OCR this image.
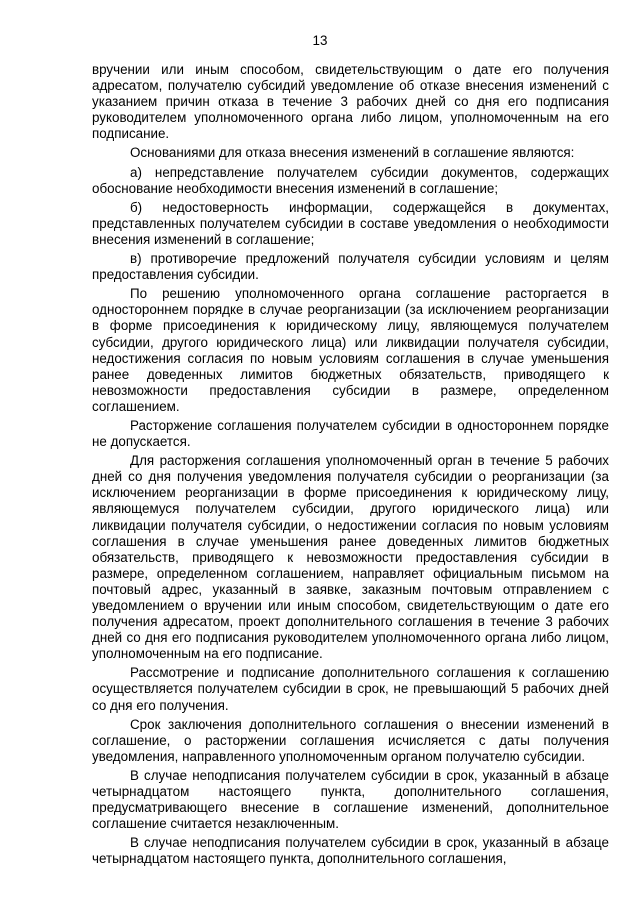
13

вручении или иным способом, свидетельствующим о дате его получения адресатом, получателю субсидий уведомление об отказе внесения изменений с указанием причин отказа в течение 3 рабочих дней со дня его подписания руководителем уполномоченного органа либо лицом, уполномоченным на его подписание.

Основаниями для отказа внесения изменений в соглашение являются:

а) непредставление получателем субсидии документов, содержащих обоснование необходимости внесения изменений в соглашение;

б) недостоверность информации, содержащейся в документах, представленных получателем субсидии в составе уведомления о необходимости внесения изменений в соглашение;

в) противоречие предложений получателя субсидии условиям и целям предоставления субсидии.

По решению уполномоченного органа соглашение расторгается в одностороннем порядке в случае реорганизации (за исключением реорганизации в форме присоединения к юридическому лицу, являющемуся получателем субсидии, другого юридического лица) или ликвидации получателя субсидии, недостижения согласия по новым условиям соглашения в случае уменьшения ранее доведенных лимитов бюджетных обязательств, приводящего к невозможности предоставления субсидии в размере, определенном соглашением.

Расторжение соглашения получателем субсидии в одностороннем порядке не допускается.

Для расторжения соглашения уполномоченный орган в течение 5 рабочих дней со дня получения уведомления получателя субсидии о реорганизации (за исключением реорганизации в форме присоединения к юридическому лицу, являющемуся получателем субсидии, другого юридического лица) или ликвидации получателя субсидии, о недостижении согласия по новым условиям соглашения в случае уменьшения ранее доведенных лимитов бюджетных обязательств, приводящего к невозможности предоставления субсидии в размере, определенном соглашением, направляет официальным письмом на почтовый адрес, указанный в заявке, заказным почтовым отправлением с уведомлением о вручении или иным способом, свидетельствующим о дате его получения адресатом, проект дополнительного соглашения в течение 3 рабочих дней со дня его подписания руководителем уполномоченного органа либо лицом, уполномоченным на его подписание.

Рассмотрение и подписание дополнительного соглашения к соглашению осуществляется получателем субсидии в срок, не превышающий 5 рабочих дней со дня его получения.

Срок заключения дополнительного соглашения о внесении изменений в соглашение, о расторжении соглашения исчисляется с даты получения уведомления, направленного уполномоченным органом получателю субсидии.

В случае неподписания получателем субсидии в срок, указанный в абзаце четырнадцатом настоящего пункта, дополнительного соглашения, предусматривающего внесение в соглашение изменений, дополнительное соглашение считается незаключенным.

В случае неподписания получателем субсидии в срок, указанный в абзаце четырнадцатом настоящего пункта, дополнительного соглашения,
